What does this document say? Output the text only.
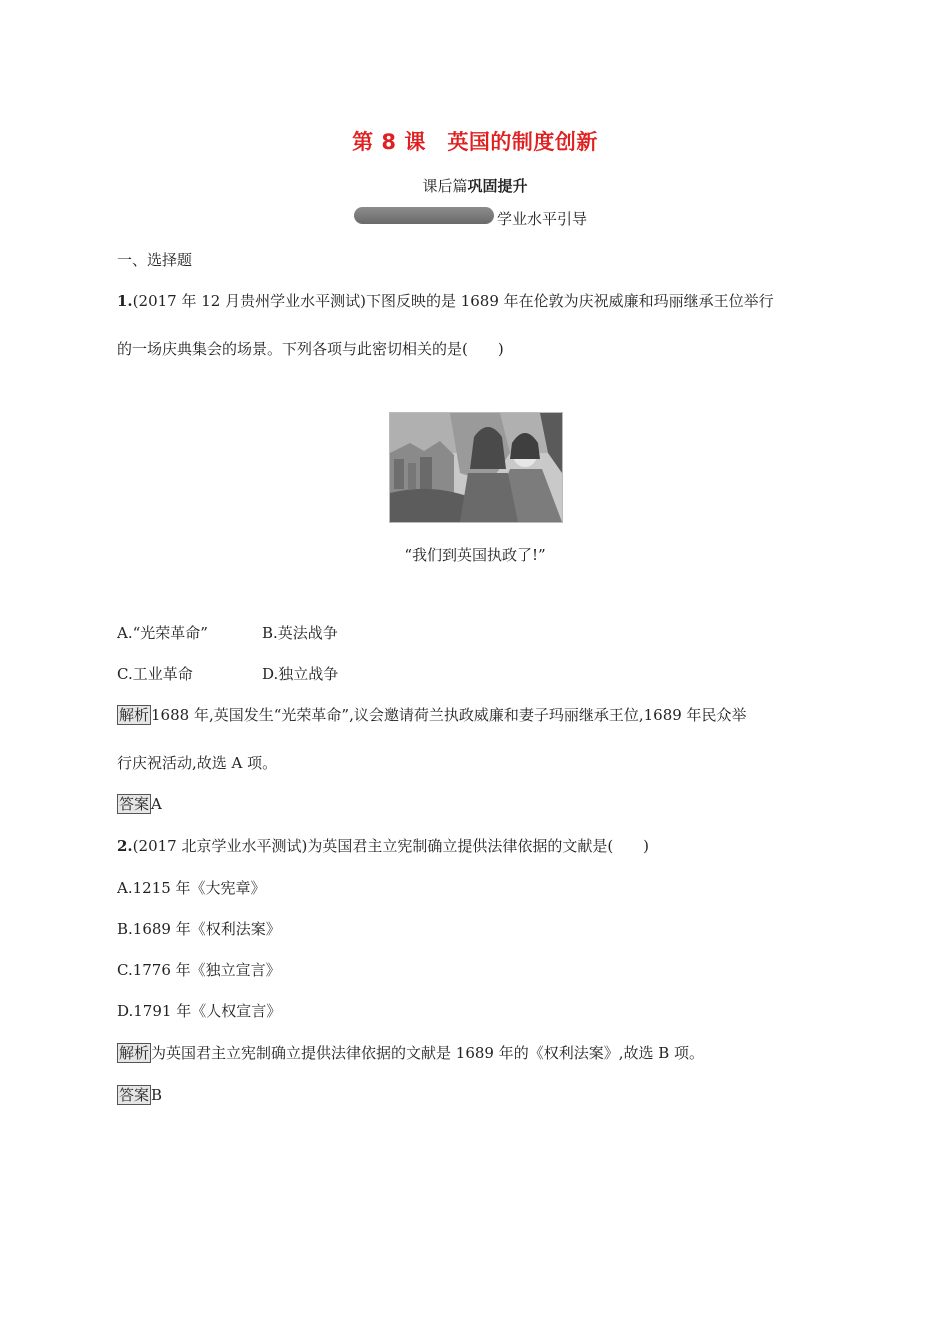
第 8 课　英国的制度创新
课后篇巩固提升
学业水平引导
一、选择题
1.(2017 年 12 月贵州学业水平测试)下图反映的是 1689 年在伦敦为庆祝威廉和玛丽继承王位举行
的一场庆典集会的场景。下列各项与此密切相关的是(　　)
“我们到英国执政了!”
A.“光荣革命”	B.英法战争
C.工业革命	D.独立战争
解析 1688 年,英国发生“光荣革命”,议会邀请荷兰执政威廉和妻子玛丽继承王位,1689 年民众举
行庆祝活动,故选 A 项。
答案 A
2.(2017 北京学业水平测试)为英国君主立宪制确立提供法律依据的文献是(　　)
A.1215 年《大宪章》
B.1689 年《权利法案》
C.1776 年《独立宣言》
D.1791 年《人权宣言》
解析 为英国君主立宪制确立提供法律依据的文献是 1689 年的《权利法案》,故选 B 项。
答案 B
